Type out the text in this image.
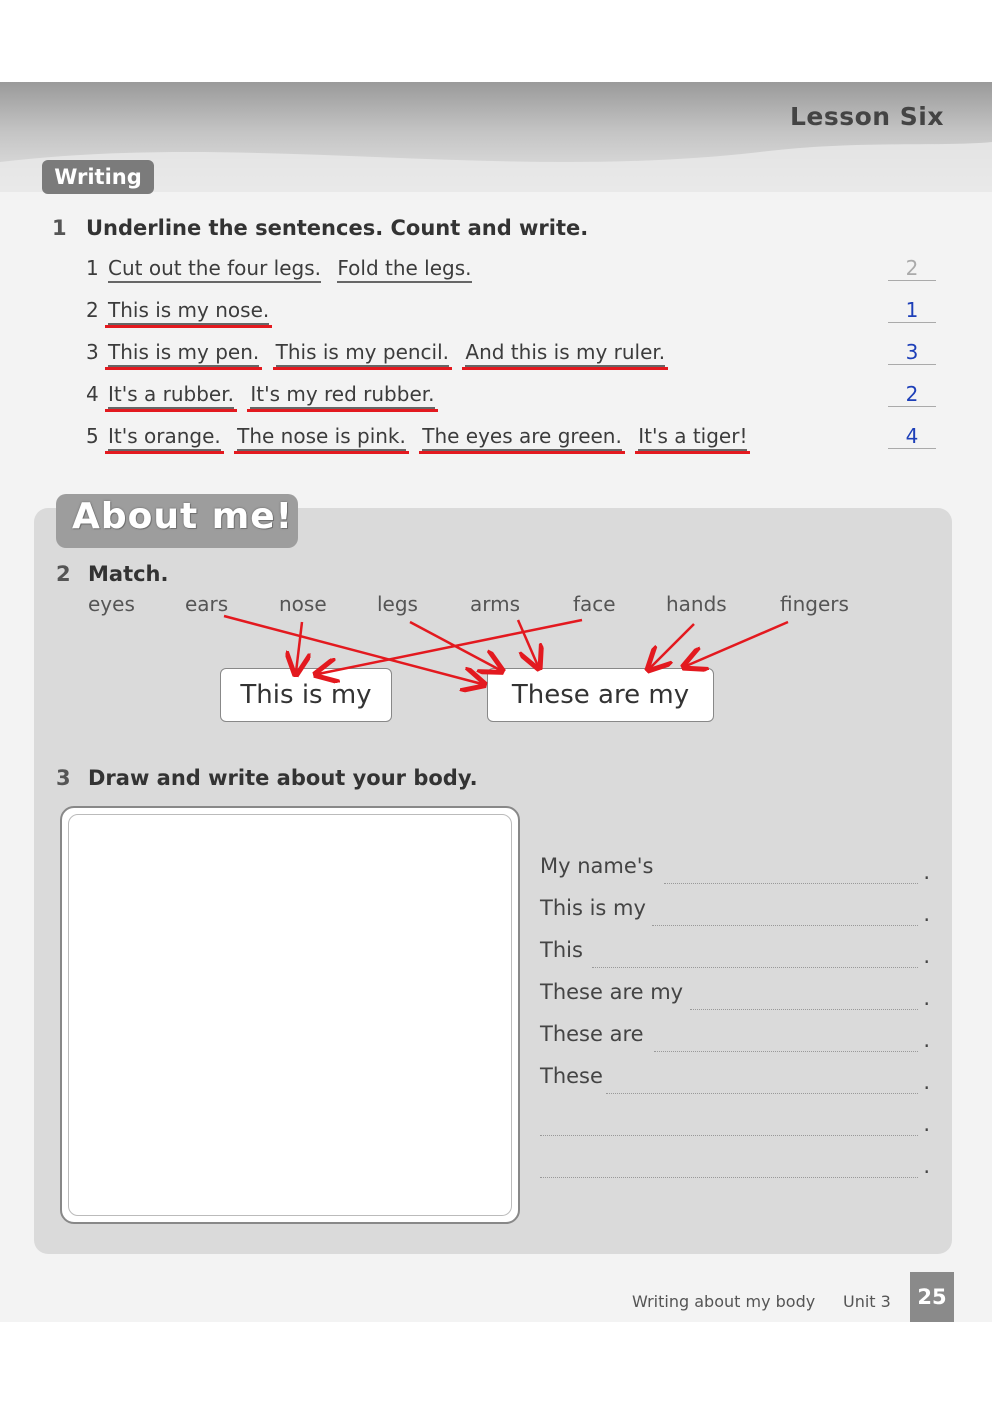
Lesson Six
Writing
1 Underline the sentences. Count and write.
1 Cut out the four legs. Fold the legs.	2
2 This is my nose.	1
3 This is my pen. This is my pencil. And this is my ruler.	3
4 It's a rubber. It's my red rubber.	2
5 It's orange. The nose is pink. The eyes are green. It's a tiger!	4
About me!
2 Match.
eyes	ears	nose	legs	arms	face	hands	fingers
This is my	These are my
3 Draw and write about your body.
My name's	.
This is my	.
This	.
These are my	.
These are	.
These	.
.
.
Writing about my body Unit 3	25
